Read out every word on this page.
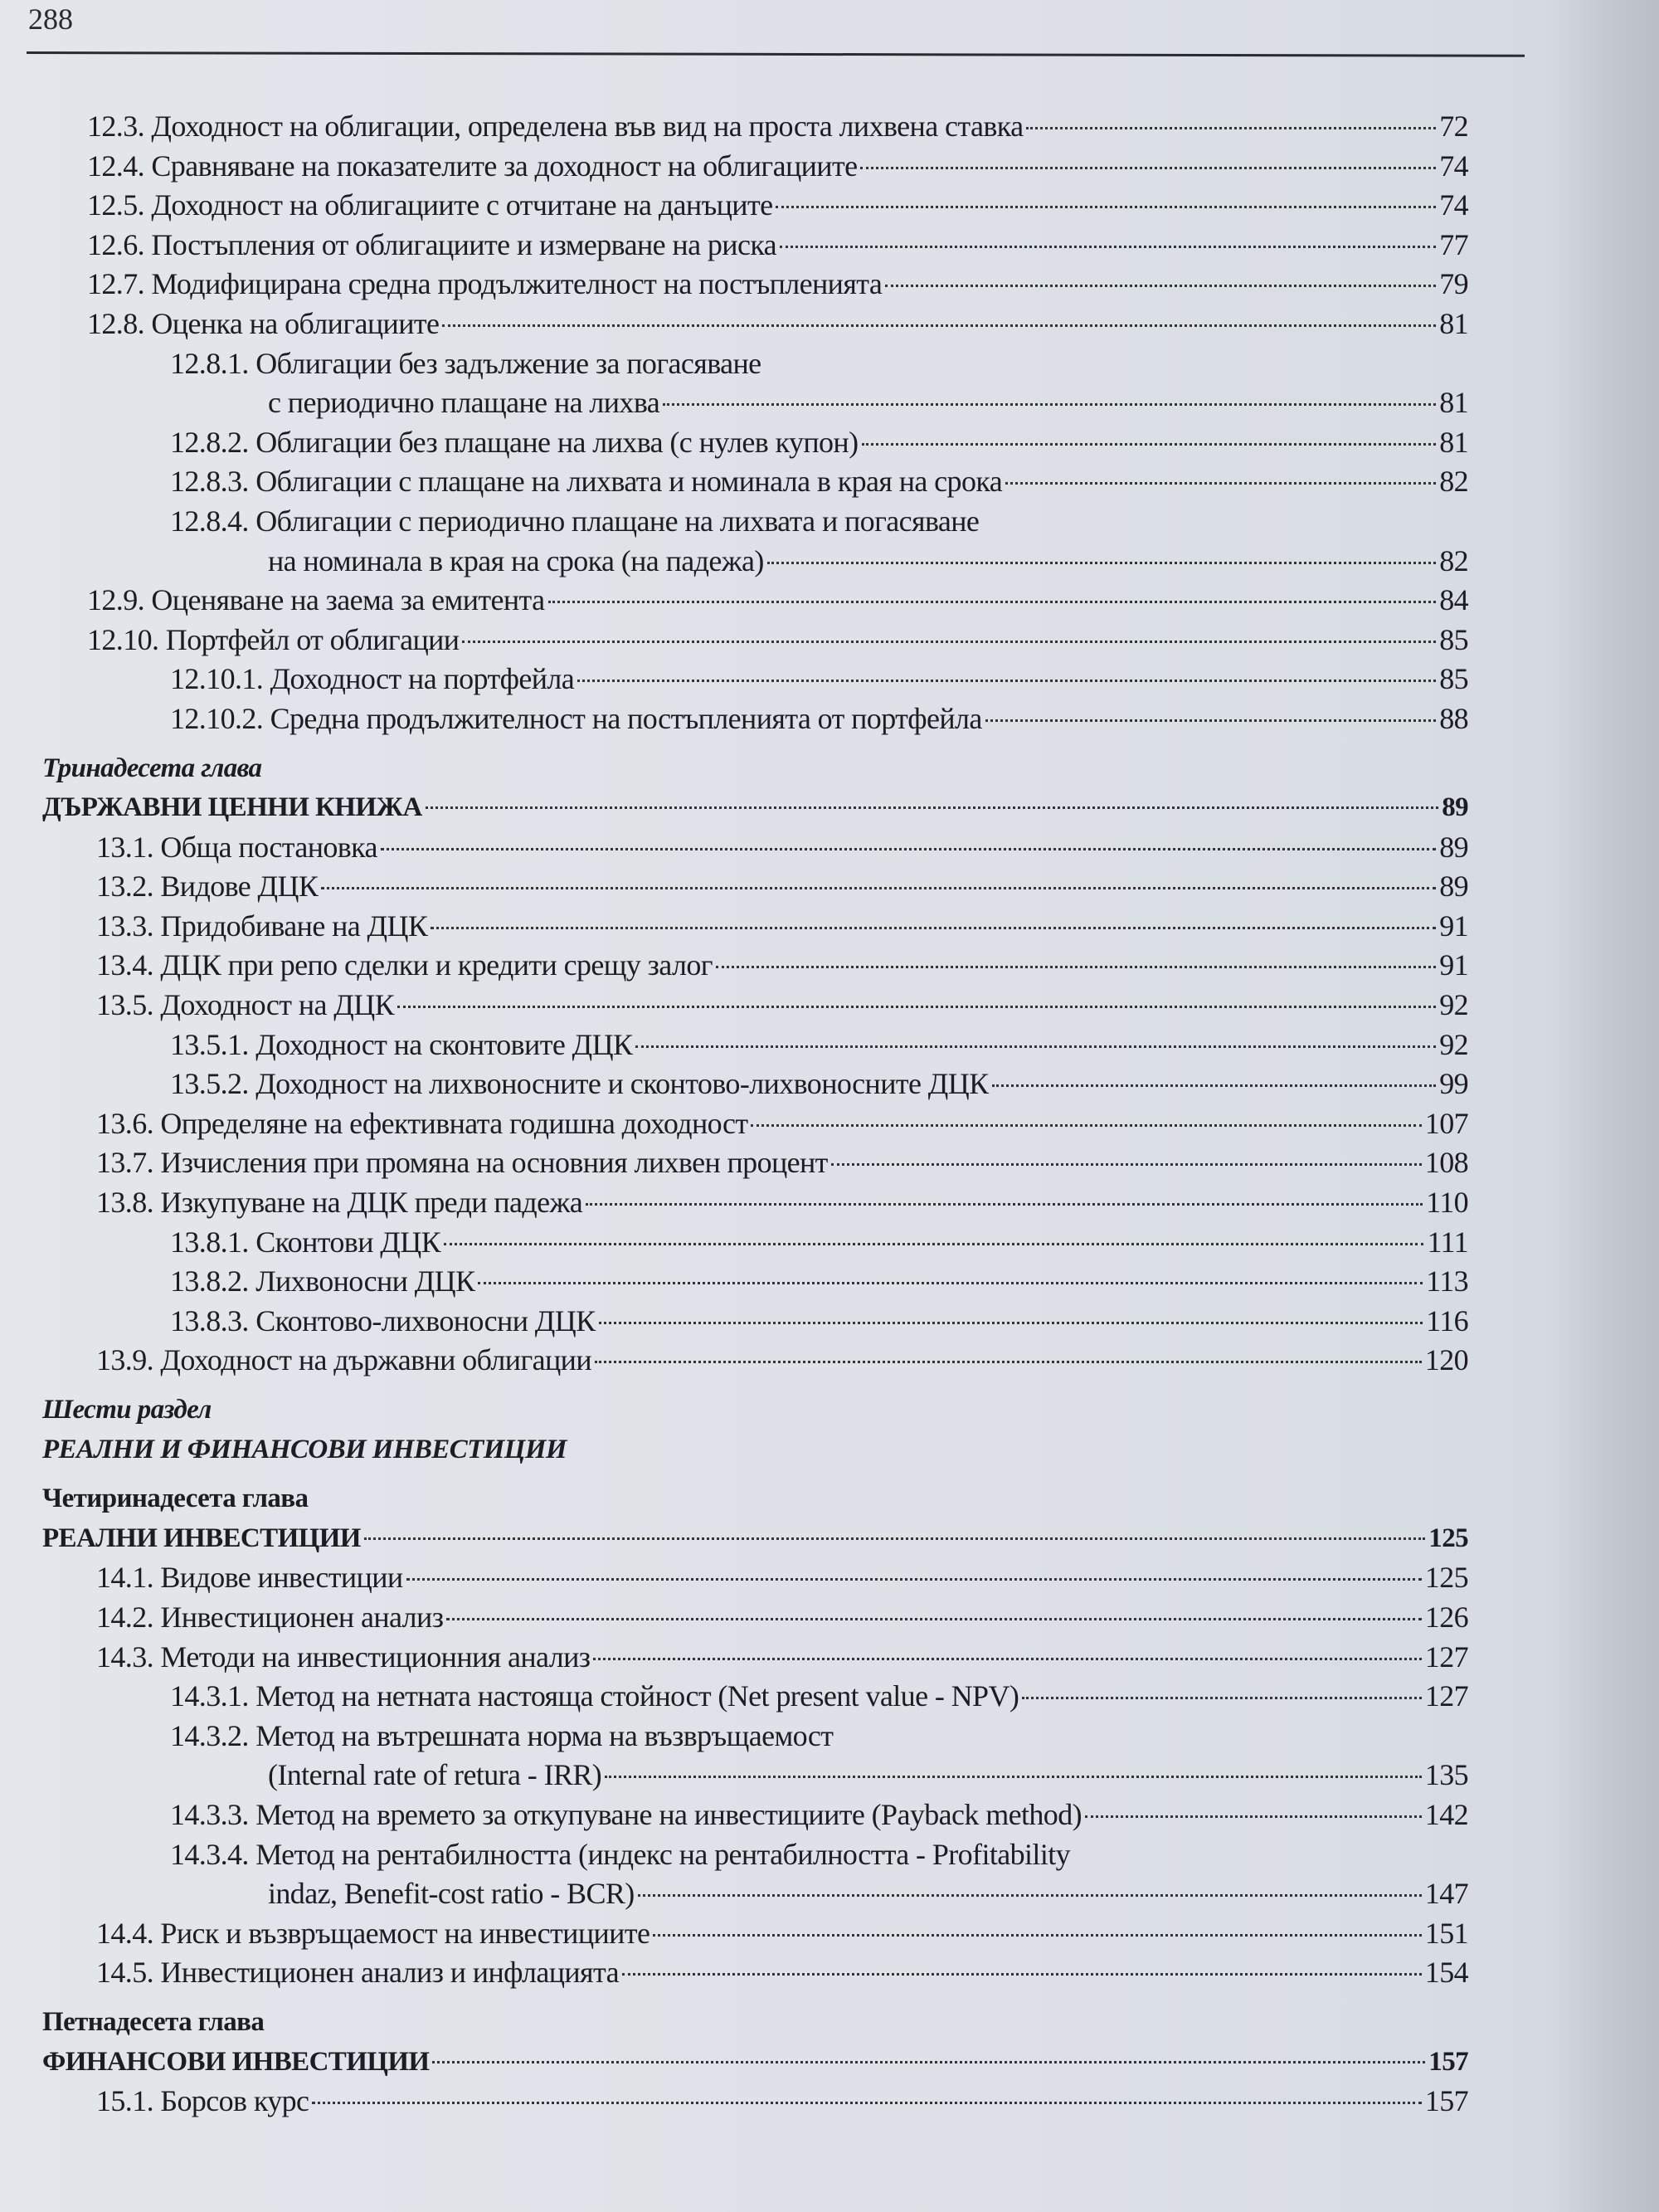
288
12.3. Доходност на облигации, определена във вид на проста лихвена ставка	72
12.4. Сравняване на показателите за доходност на облигациите	74
12.5. Доходност на облигациите с отчитане на данъците	74
12.6. Постъпления от облигациите и измерване на риска	77
12.7. Модифицирана средна продължителност на постъпленията	79
12.8. Оценка на облигациите	81
12.8.1. Облигации без задължение за погасяване
с периодично плащане на лихва	81
12.8.2. Облигации без плащане на лихва (с нулев купон)	81
12.8.3. Облигации с плащане на лихвата и номинала в края на срока	82
12.8.4. Облигации с периодично плащане на лихвата и погасяване
на номинала в края на срока (на падежа)	82
12.9. Оценяване на заема за емитента	84
12.10. Портфейл от облигации	85
12.10.1. Доходност на портфейла	85
12.10.2. Средна продължителност на постъпленията от портфейла	88
Тринадесета глава
ДЪРЖАВНИ ЦЕННИ КНИЖА	89
13.1. Обща постановка	89
13.2. Видове ДЦК	89
13.3. Придобиване на ДЦК	91
13.4. ДЦК при репо сделки и кредити срещу залог	91
13.5. Доходност на ДЦК	92
13.5.1. Доходност на сконтовите ДЦК	92
13.5.2. Доходност на лихвоносните и сконтово-лихвоносните ДЦК	99
13.6. Определяне на ефективната годишна доходност	107
13.7. Изчисления при промяна на основния лихвен процент	108
13.8. Изкупуване на ДЦК преди падежа	110
13.8.1. Сконтови ДЦК	111
13.8.2. Лихвоносни ДЦК	113
13.8.3. Сконтово-лихвоносни ДЦК	116
13.9. Доходност на държавни облигации	120
Шести раздел
РЕАЛНИ И ФИНАНСОВИ ИНВЕСТИЦИИ
Четиринадесета глава
РЕАЛНИ ИНВЕСТИЦИИ	125
14.1. Видове инвестиции	125
14.2. Инвестиционен анализ	126
14.3. Методи на инвестиционния анализ	127
14.3.1. Метод на нетната настояща стойност (Net present value - NPV)	127
14.3.2. Метод на вътрешната норма на възвръщаемост
(Internal rate of retura - IRR)	135
14.3.3. Метод на времето за откупуване на инвестициите (Payback method)	142
14.3.4. Метод на рентабилността (индекс на рентабилността - Profitability
indaz, Benefit-cost ratio - BCR)	147
14.4. Риск и възвръщаемост на инвестициите	151
14.5. Инвестиционен анализ и инфлацията	154
Петнадесета глава
ФИНАНСОВИ ИНВЕСТИЦИИ	157
15.1. Борсов курс	157
